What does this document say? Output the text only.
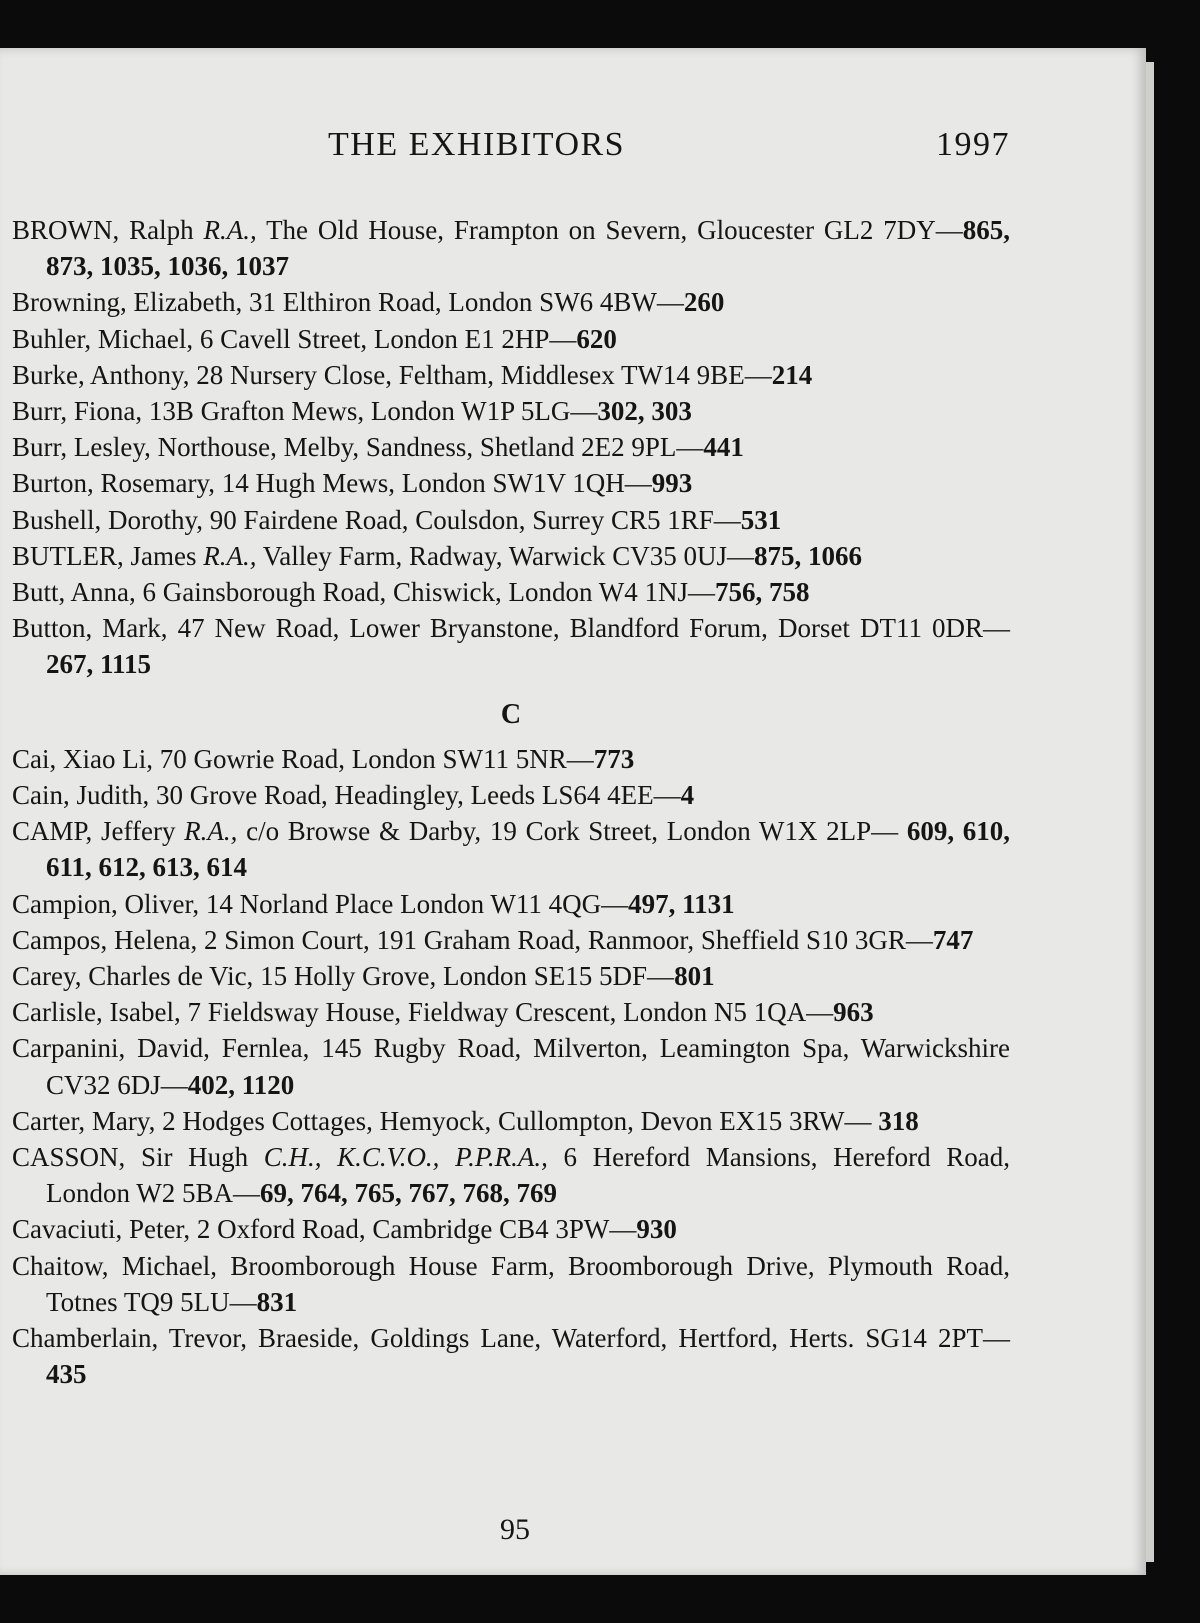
THE EXHIBITORS	1997
BROWN, Ralph R.A., The Old House, Frampton on Severn, Gloucester GL2 7DY—865, 873, 1035, 1036, 1037
Browning, Elizabeth, 31 Elthiron Road, London SW6 4BW—260
Buhler, Michael, 6 Cavell Street, London E1 2HP—620
Burke, Anthony, 28 Nursery Close, Feltham, Middlesex TW14 9BE—214
Burr, Fiona, 13B Grafton Mews, London W1P 5LG—302, 303
Burr, Lesley, Northouse, Melby, Sandness, Shetland 2E2 9PL—441
Burton, Rosemary, 14 Hugh Mews, London SW1V 1QH—993
Bushell, Dorothy, 90 Fairdene Road, Coulsdon, Surrey CR5 1RF—531
BUTLER, James R.A., Valley Farm, Radway, Warwick CV35 0UJ—875, 1066
Butt, Anna, 6 Gainsborough Road, Chiswick, London W4 1NJ—756, 758
Button, Mark, 47 New Road, Lower Bryanstone, Blandford Forum, Dorset DT11 0DR—267, 1115
C
Cai, Xiao Li, 70 Gowrie Road, London SW11 5NR—773
Cain, Judith, 30 Grove Road, Headingley, Leeds LS64 4EE—4
CAMP, Jeffery R.A., c/o Browse & Darby, 19 Cork Street, London W1X 2LP— 609, 610, 611, 612, 613, 614
Campion, Oliver, 14 Norland Place London W11 4QG—497, 1131
Campos, Helena, 2 Simon Court, 191 Graham Road, Ranmoor, Sheffield S10 3GR—747
Carey, Charles de Vic, 15 Holly Grove, London SE15 5DF—801
Carlisle, Isabel, 7 Fieldsway House, Fieldway Crescent, London N5 1QA—963
Carpanini, David, Fernlea, 145 Rugby Road, Milverton, Leamington Spa, Warwickshire CV32 6DJ—402, 1120
Carter, Mary, 2 Hodges Cottages, Hemyock, Cullompton, Devon EX15 3RW— 318
CASSON, Sir Hugh C.H., K.C.V.O., P.P.R.A., 6 Hereford Mansions, Hereford Road, London W2 5BA—69, 764, 765, 767, 768, 769
Cavaciuti, Peter, 2 Oxford Road, Cambridge CB4 3PW—930
Chaitow, Michael, Broomborough House Farm, Broomborough Drive, Plymouth Road, Totnes TQ9 5LU—831
Chamberlain, Trevor, Braeside, Goldings Lane, Waterford, Hertford, Herts. SG14 2PT—435
95
